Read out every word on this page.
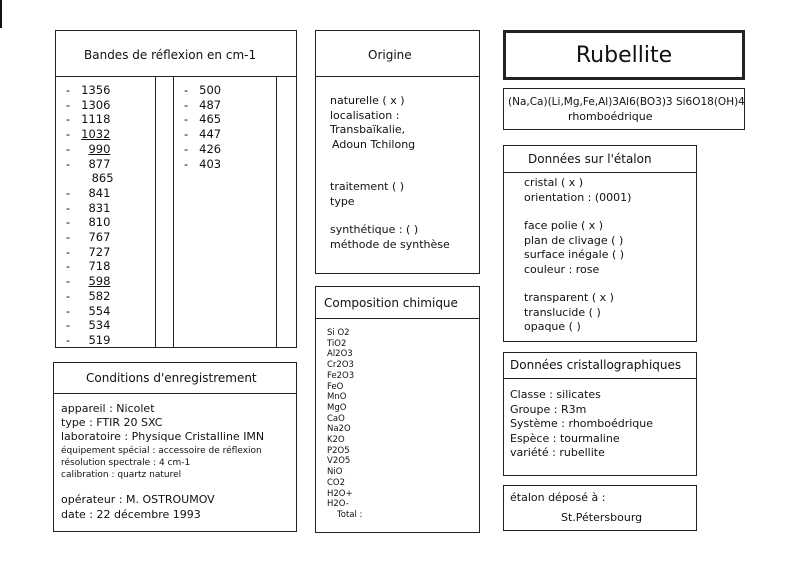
Bandes de réflexion en cm-1
- 1356
- 1306
- 1118
- 1032
- 990
- 877
865
- 841
- 831
- 810
- 767
- 727
- 718
- 598
- 582
- 554
- 534
- 519
- 500
- 487
- 465
- 447
- 426
- 403
Origine
naturelle ( x )
localisation :
Transbaïkalie,
Adoun Tchilong
traitement ( )
type
synthétique : ( )
méthode de synthèse
Rubellite
(Na,Ca)(Li,Mg,Fe,Al)3Al6(BO3)3 Si6O18(OH)4
rhomboédrique
Données sur l'étalon
cristal ( x )
orientation : (0001)
face polie ( x )
plan de clivage ( )
surface inégale ( )
couleur : rose
transparent ( x )
translucide ( )
opaque ( )
Composition chimique
Si O2
TiO2
Al2O3
Cr2O3
Fe2O3
FeO
MnO
MgO
CaO
Na2O
K2O
P2O5
V2O5
NiO
CO2
H2O+
H2O-
Total :
Conditions d'enregistrement
appareil : Nicolet
type : FTIR 20 SXC
laboratoire : Physique Cristalline IMN
équipement spécial : accessoire de réflexion
résolution spectrale : 4 cm-1
calibration : quartz naturel
opérateur : M. OSTROUMOV
date : 22 décembre 1993
Données cristallographiques
Classe : silicates
Groupe : R3m
Système : rhomboédrique
Espèce : tourmaline
variété : rubellite
étalon déposé à :
St.Pétersbourg
